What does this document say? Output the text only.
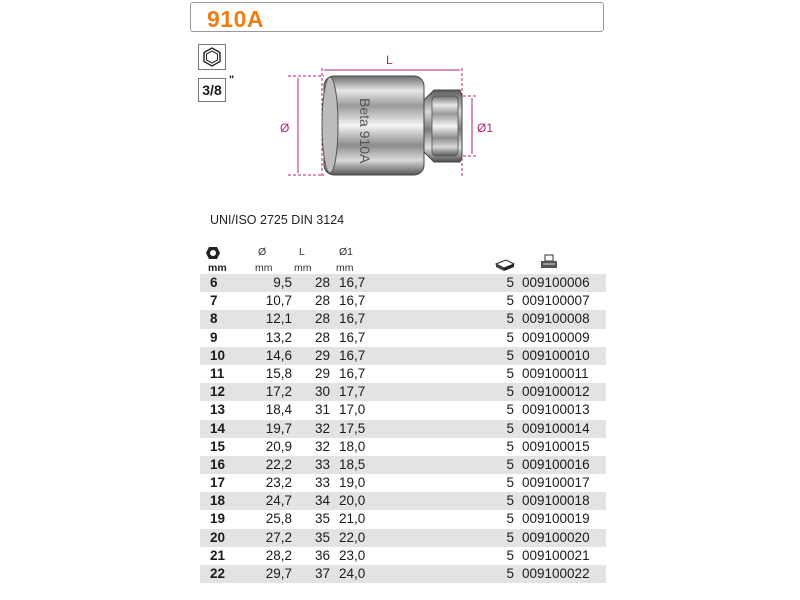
910A
3/8
"
Beta 910A
L
Ø	Ø1
UNI/ISO 2725 DIN 3124
mm
Ø
mm
L
mm
Ø1
mm
6	9,5	28 16,7	5 009100006
7	10,7	28 16,7	5 009100007
8	12,1	28 16,7	5 009100008
9	13,2	28 16,7	5 009100009
10	14,6	29 16,7	5 009100010
11	15,8	29 16,7	5 009100011
12	17,2	30 17,7	5 009100012
13	18,4	31 17,0	5 009100013
14	19,7	32 17,5	5 009100014
15	20,9	32 18,0	5 009100015
16	22,2	33 18,5	5 009100016
17	23,2	33 19,0	5 009100017
18	24,7	34 20,0	5 009100018
19	25,8	35 21,0	5 009100019
20	27,2	35 22,0	5 009100020
21	28,2	36 23,0	5 009100021
22	29,7	37 24,0	5 009100022
